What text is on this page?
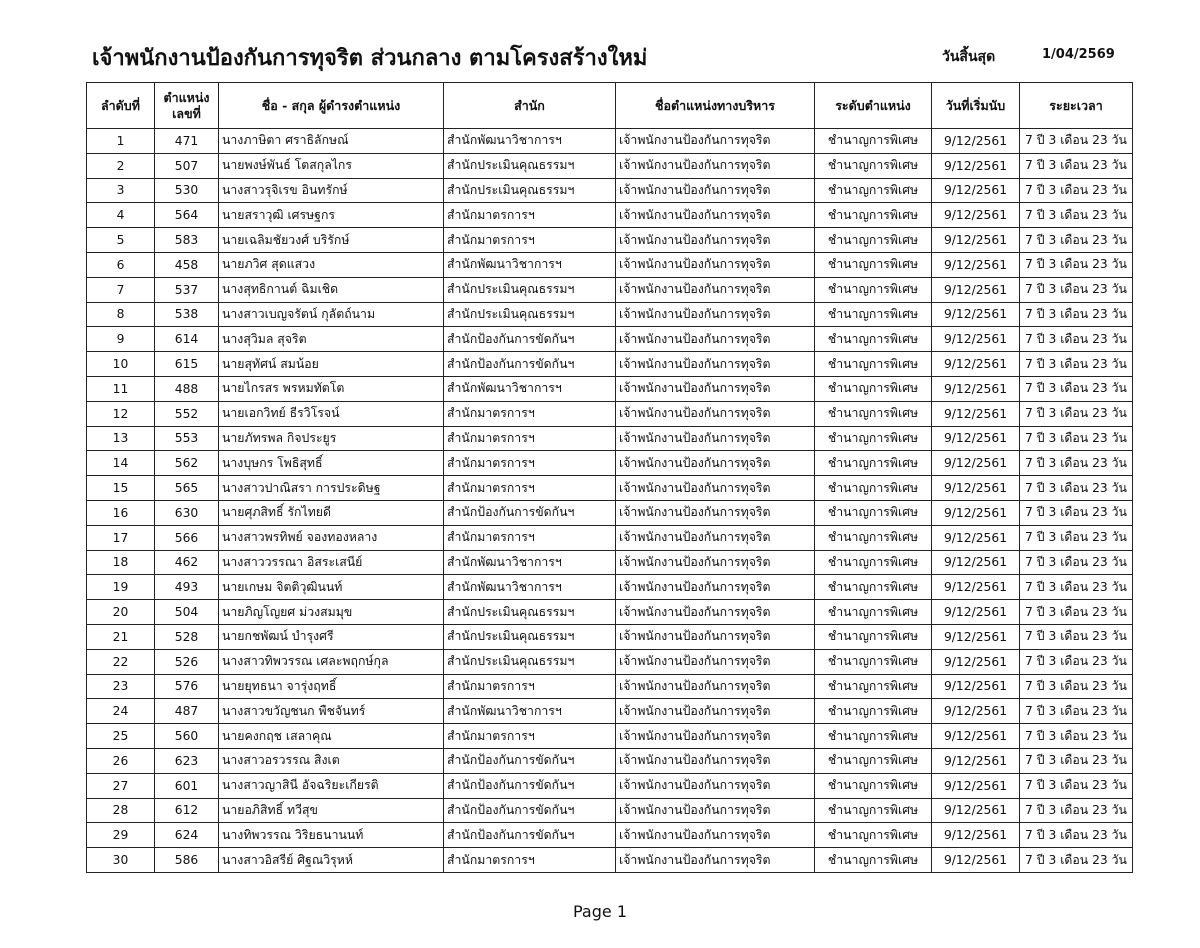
เจ้าพนักงานป้องกันการทุจริต ส่วนกลาง ตามโครงสร้างใหม่	วันสิ้นสุด	1/04/2569
ลำดับที่	ตำแหน่ง เลขที่	ชื่อ - สกุล ผู้ดำรงตำแหน่ง	สำนัก	ชื่อตำแหน่งทางบริหาร	ระดับตำแหน่ง	วันที่เริ่มนับ	ระยะเวลา
1	471	นางภาษิตา ศราธิลักษณ์	สำนักพัฒนาวิชาการฯ	เจ้าพนักงานป้องกันการทุจริต	ชำนาญการพิเศษ	9/12/2561	7 ปี 3 เดือน 23 วัน
2	507	นายพงษ์พันธ์ โตสกุลไกร	สำนักประเมินคุณธรรมฯ	เจ้าพนักงานป้องกันการทุจริต	ชำนาญการพิเศษ	9/12/2561	7 ปี 3 เดือน 23 วัน
3	530	นางสาวรุจิเรข อินทรักษ์	สำนักประเมินคุณธรรมฯ	เจ้าพนักงานป้องกันการทุจริต	ชำนาญการพิเศษ	9/12/2561	7 ปี 3 เดือน 23 วัน
4	564	นายสราวุฒิ เศรษฐกร	สำนักมาตรการฯ	เจ้าพนักงานป้องกันการทุจริต	ชำนาญการพิเศษ	9/12/2561	7 ปี 3 เดือน 23 วัน
5	583	นายเฉลิมชัยวงศ์ บริรักษ์	สำนักมาตรการฯ	เจ้าพนักงานป้องกันการทุจริต	ชำนาญการพิเศษ	9/12/2561	7 ปี 3 เดือน 23 วัน
6	458	นายภวิศ สุดแสวง	สำนักพัฒนาวิชาการฯ	เจ้าพนักงานป้องกันการทุจริต	ชำนาญการพิเศษ	9/12/2561	7 ปี 3 เดือน 23 วัน
7	537	นางสุทธิกานต์ ฉิมเชิด	สำนักประเมินคุณธรรมฯ	เจ้าพนักงานป้องกันการทุจริต	ชำนาญการพิเศษ	9/12/2561	7 ปี 3 เดือน 23 วัน
8	538	นางสาวเบญจรัตน์ กุลัตถ์นาม	สำนักประเมินคุณธรรมฯ	เจ้าพนักงานป้องกันการทุจริต	ชำนาญการพิเศษ	9/12/2561	7 ปี 3 เดือน 23 วัน
9	614	นางสุวิมล สุจริต	สำนักป้องกันการขัดกันฯ	เจ้าพนักงานป้องกันการทุจริต	ชำนาญการพิเศษ	9/12/2561	7 ปี 3 เดือน 23 วัน
10	615	นายสุทัศน์ สมน้อย	สำนักป้องกันการขัดกันฯ	เจ้าพนักงานป้องกันการทุจริต	ชำนาญการพิเศษ	9/12/2561	7 ปี 3 เดือน 23 วัน
11	488	นายไกรสร พรหมทัตโต	สำนักพัฒนาวิชาการฯ	เจ้าพนักงานป้องกันการทุจริต	ชำนาญการพิเศษ	9/12/2561	7 ปี 3 เดือน 23 วัน
12	552	นายเอกวิทย์ ธีรวิโรจน์	สำนักมาตรการฯ	เจ้าพนักงานป้องกันการทุจริต	ชำนาญการพิเศษ	9/12/2561	7 ปี 3 เดือน 23 วัน
13	553	นายภัทรพล กิจประยูร	สำนักมาตรการฯ	เจ้าพนักงานป้องกันการทุจริต	ชำนาญการพิเศษ	9/12/2561	7 ปี 3 เดือน 23 วัน
14	562	นางบุษกร โพธิสุทธิ์	สำนักมาตรการฯ	เจ้าพนักงานป้องกันการทุจริต	ชำนาญการพิเศษ	9/12/2561	7 ปี 3 เดือน 23 วัน
15	565	นางสาวปาณิสรา การประดิษฐ	สำนักมาตรการฯ	เจ้าพนักงานป้องกันการทุจริต	ชำนาญการพิเศษ	9/12/2561	7 ปี 3 เดือน 23 วัน
16	630	นายศุภสิทธิ์ รักไทยดี	สำนักป้องกันการขัดกันฯ	เจ้าพนักงานป้องกันการทุจริต	ชำนาญการพิเศษ	9/12/2561	7 ปี 3 เดือน 23 วัน
17	566	นางสาวพรทิพย์ จองทองหลาง	สำนักมาตรการฯ	เจ้าพนักงานป้องกันการทุจริต	ชำนาญการพิเศษ	9/12/2561	7 ปี 3 เดือน 23 วัน
18	462	นางสาววรรณา อิสระเสนีย์	สำนักพัฒนาวิชาการฯ	เจ้าพนักงานป้องกันการทุจริต	ชำนาญการพิเศษ	9/12/2561	7 ปี 3 เดือน 23 วัน
19	493	นายเกษม จิตติวุฒินนท์	สำนักพัฒนาวิชาการฯ	เจ้าพนักงานป้องกันการทุจริต	ชำนาญการพิเศษ	9/12/2561	7 ปี 3 เดือน 23 วัน
20	504	นายภิญโญยศ ม่วงสมมุข	สำนักประเมินคุณธรรมฯ	เจ้าพนักงานป้องกันการทุจริต	ชำนาญการพิเศษ	9/12/2561	7 ปี 3 เดือน 23 วัน
21	528	นายกชพัฒน์ บำรุงศรี	สำนักประเมินคุณธรรมฯ	เจ้าพนักงานป้องกันการทุจริต	ชำนาญการพิเศษ	9/12/2561	7 ปี 3 เดือน 23 วัน
22	526	นางสาวทิพวรรณ เศละพฤกษ์กุล	สำนักประเมินคุณธรรมฯ	เจ้าพนักงานป้องกันการทุจริต	ชำนาญการพิเศษ	9/12/2561	7 ปี 3 เดือน 23 วัน
23	576	นายยุทธนา จารุ่งฤทธิ์	สำนักมาตรการฯ	เจ้าพนักงานป้องกันการทุจริต	ชำนาญการพิเศษ	9/12/2561	7 ปี 3 เดือน 23 วัน
24	487	นางสาวขวัญชนก พืชจันทร์	สำนักพัฒนาวิชาการฯ	เจ้าพนักงานป้องกันการทุจริต	ชำนาญการพิเศษ	9/12/2561	7 ปี 3 เดือน 23 วัน
25	560	นายคงกฤช เสลาคุณ	สำนักมาตรการฯ	เจ้าพนักงานป้องกันการทุจริต	ชำนาญการพิเศษ	9/12/2561	7 ปี 3 เดือน 23 วัน
26	623	นางสาวอรวรรณ สิงเต	สำนักป้องกันการขัดกันฯ	เจ้าพนักงานป้องกันการทุจริต	ชำนาญการพิเศษ	9/12/2561	7 ปี 3 เดือน 23 วัน
27	601	นางสาวญาสินี อัจฉริยะเกียรติ	สำนักป้องกันการขัดกันฯ	เจ้าพนักงานป้องกันการทุจริต	ชำนาญการพิเศษ	9/12/2561	7 ปี 3 เดือน 23 วัน
28	612	นายอภิสิทธิ์ ทวีสุข	สำนักป้องกันการขัดกันฯ	เจ้าพนักงานป้องกันการทุจริต	ชำนาญการพิเศษ	9/12/2561	7 ปี 3 เดือน 23 วัน
29	624	นางทิพวรรณ วิริยธนานนท์	สำนักป้องกันการขัดกันฯ	เจ้าพนักงานป้องกันการทุจริต	ชำนาญการพิเศษ	9/12/2561	7 ปี 3 เดือน 23 วัน
30	586	นางสาวอิสรีย์ ศิฐณวิรุหห์	สำนักมาตรการฯ	เจ้าพนักงานป้องกันการทุจริต	ชำนาญการพิเศษ	9/12/2561	7 ปี 3 เดือน 23 วัน
Page 1
